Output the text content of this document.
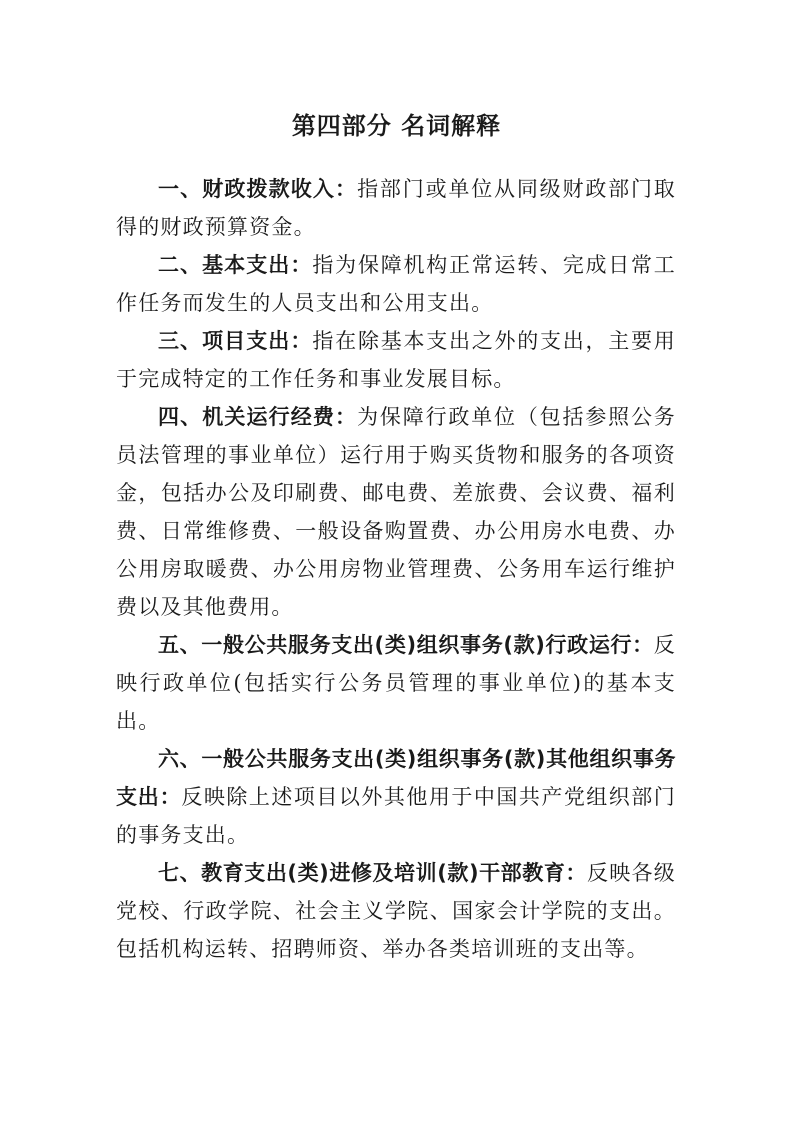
第四部分 名词解释

一、财政拨款收入：指部门或单位从同级财政部门取得的财政预算资金。

二、基本支出：指为保障机构正常运转、完成日常工作任务而发生的人员支出和公用支出。

三、项目支出：指在除基本支出之外的支出，主要用于完成特定的工作任务和事业发展目标。

四、机关运行经费：为保障行政单位（包括参照公务员法管理的事业单位）运行用于购买货物和服务的各项资金，包括办公及印刷费、邮电费、差旅费、会议费、福利费、日常维修费、一般设备购置费、办公用房水电费、办公用房取暖费、办公用房物业管理费、公务用车运行维护费以及其他费用。

五、一般公共服务支出(类)组织事务(款)行政运行：反映行政单位(包括实行公务员管理的事业单位)的基本支出。

六、一般公共服务支出(类)组织事务(款)其他组织事务支出：反映除上述项目以外其他用于中国共产党组织部门的事务支出。

七、教育支出(类)进修及培训(款)干部教育：反映各级党校、行政学院、社会主义学院、国家会计学院的支出。包括机构运转、招聘师资、举办各类培训班的支出等。
